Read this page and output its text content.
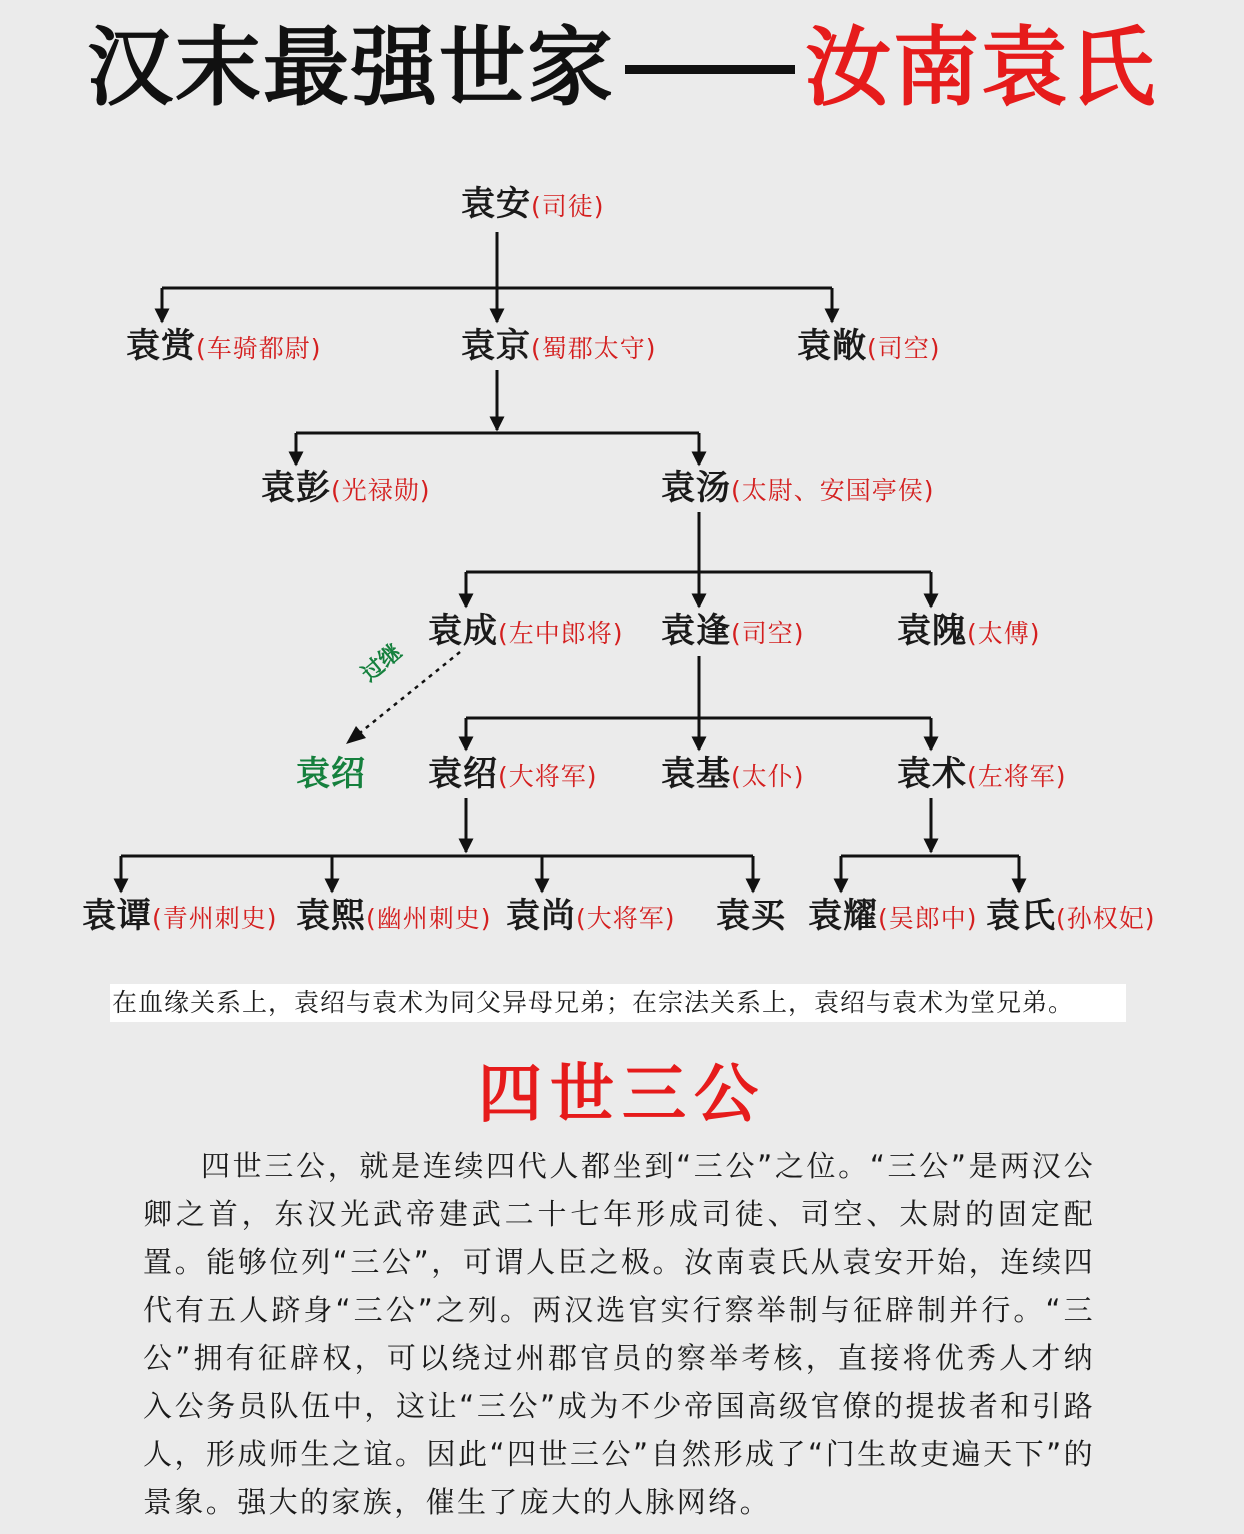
汉末最强世家 汝南袁氏
袁安(司徒)
袁赏(车骑都尉)	袁京(蜀郡太守)	袁敞(司空)
袁彭(光禄勋)	袁汤(太尉、安国亭侯)
袁成(左中郎将) 袁逢(司空)	袁隗(太傅)
过继
袁绍 袁绍(大将军) 袁基(太仆)	袁术(左将军)
袁谭(青州刺史) 袁熙(幽州刺史) 袁尚(大将军) 袁买 袁耀(吴郎中) 袁氏(孙权妃)
在血缘关系上，袁绍与袁术为同父异母兄弟；在宗法关系上，袁绍与袁术为堂兄弟。
四世三公

四世三公，就是连续四代人都坐到“三公”之位。“三公”是两汉公卿之首，东汉光武帝建武二十七年形成司徒、司空、太尉的固定配置。能够位列“三公”，可谓人臣之极。汝南袁氏从袁安开始，连续四代有五人跻身“三公”之列。两汉选官实行察举制与征辟制并行。“三公”拥有征辟权，可以绕过州郡官员的察举考核，直接将优秀人才纳入公务员队伍中，这让“三公”成为不少帝国高级官僚的提拔者和引路人，形成师生之谊。因此“四世三公”自然形成了“门生故吏遍天下”的景象。强大的家族，催生了庞大的人脉网络。
